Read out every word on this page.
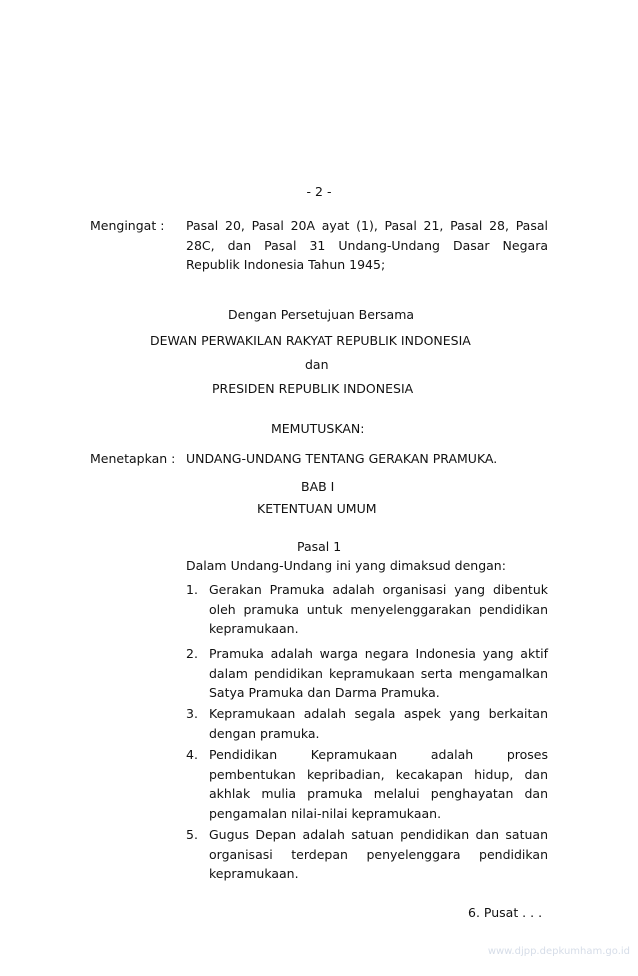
- 2 -
Mengingat : Pasal 20, Pasal 20A ayat (1), Pasal 21, Pasal 28, Pasal 28C, dan Pasal 31 Undang-Undang Dasar Negara Republik Indonesia Tahun 1945;
Dengan Persetujuan Bersama
DEWAN PERWAKILAN RAKYAT REPUBLIK INDONESIA
dan
PRESIDEN REPUBLIK INDONESIA
MEMUTUSKAN:
Menetapkan : UNDANG-UNDANG TENTANG GERAKAN PRAMUKA.
BAB I
KETENTUAN UMUM
Pasal 1
Dalam Undang-Undang ini yang dimaksud dengan:
1. Gerakan Pramuka adalah organisasi yang dibentuk oleh pramuka untuk menyelenggarakan pendidikan kepramukaan.
2. Pramuka adalah warga negara Indonesia yang aktif dalam pendidikan kepramukaan serta mengamalkan Satya Pramuka dan Darma Pramuka.
3. Kepramukaan adalah segala aspek yang berkaitan dengan pramuka.
4. Pendidikan Kepramukaan adalah proses pembentukan kepribadian, kecakapan hidup, dan akhlak mulia pramuka melalui penghayatan dan pengamalan nilai-nilai kepramukaan.
5. Gugus Depan adalah satuan pendidikan dan satuan organisasi terdepan penyelenggara pendidikan kepramukaan.
6. Pusat . . .
www.djpp.depkumham.go.id
